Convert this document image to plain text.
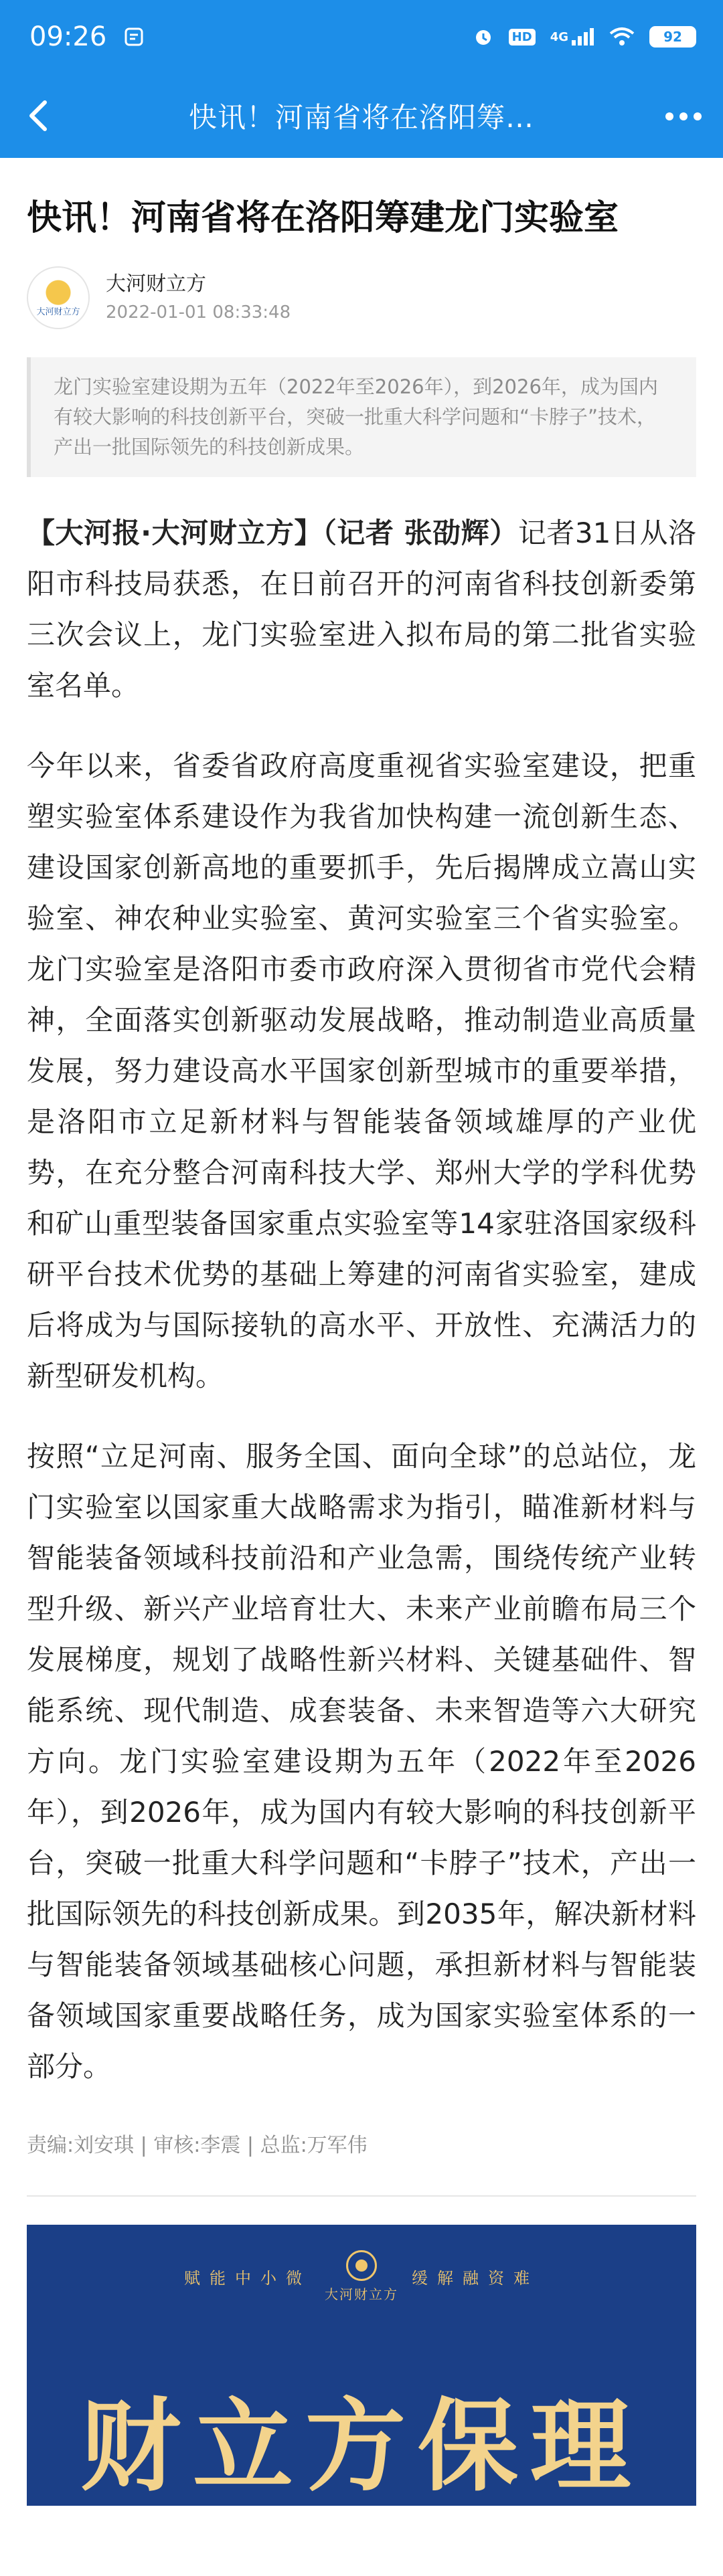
09:26	HD 4G	92
快讯！河南省将在洛阳筹…
快讯！河南省将在洛阳筹建龙门实验室
大河财立方
大河财立方
2022-01-01 08:33:48
龙门实验室建设期为五年（2022年至2026年），到2026年，成为国内有较大影响的科技创新平台，突破一批重大科学问题和“卡脖子”技术，产出一批国际领先的科技创新成果。

【大河报·大河财立方】（记者 张劭辉）记者31日从洛阳市科技局获悉，在日前召开的河南省科技创新委第三次会议上，龙门实验室进入拟布局的第二批省实验室名单。

今年以来，省委省政府高度重视省实验室建设，把重塑实验室体系建设作为我省加快构建一流创新生态、建设国家创新高地的重要抓手，先后揭牌成立嵩山实验室、神农种业实验室、黄河实验室三个省实验室。龙门实验室是洛阳市委市政府深入贯彻省市党代会精神，全面落实创新驱动发展战略，推动制造业高质量发展，努力建设高水平国家创新型城市的重要举措，是洛阳市立足新材料与智能装备领域雄厚的产业优势，在充分整合河南科技大学、郑州大学的学科优势和矿山重型装备国家重点实验室等14家驻洛国家级科研平台技术优势的基础上筹建的河南省实验室，建成后将成为与国际接轨的高水平、开放性、充满活力的新型研发机构。

按照“立足河南、服务全国、面向全球”的总站位，龙门实验室以国家重大战略需求为指引，瞄准新材料与智能装备领域科技前沿和产业急需，围绕传统产业转型升级、新兴产业培育壮大、未来产业前瞻布局三个发展梯度，规划了战略性新兴材料、关键基础件、智能系统、现代制造、成套装备、未来智造等六大研究方向。龙门实验室建设期为五年（2022年至2026年），到2026年，成为国内有较大影响的科技创新平台，突破一批重大科学问题和“卡脖子”技术，产出一批国际领先的科技创新成果。到2035年，解决新材料与智能装备领域基础核心问题，承担新材料与智能装备领域国家重要战略任务，成为国家实验室体系的一部分。

责编:刘安琪 | 审核:李震 | 总监:万军伟
赋能中小微
大河财立方
缓解融资难
财立方保理
